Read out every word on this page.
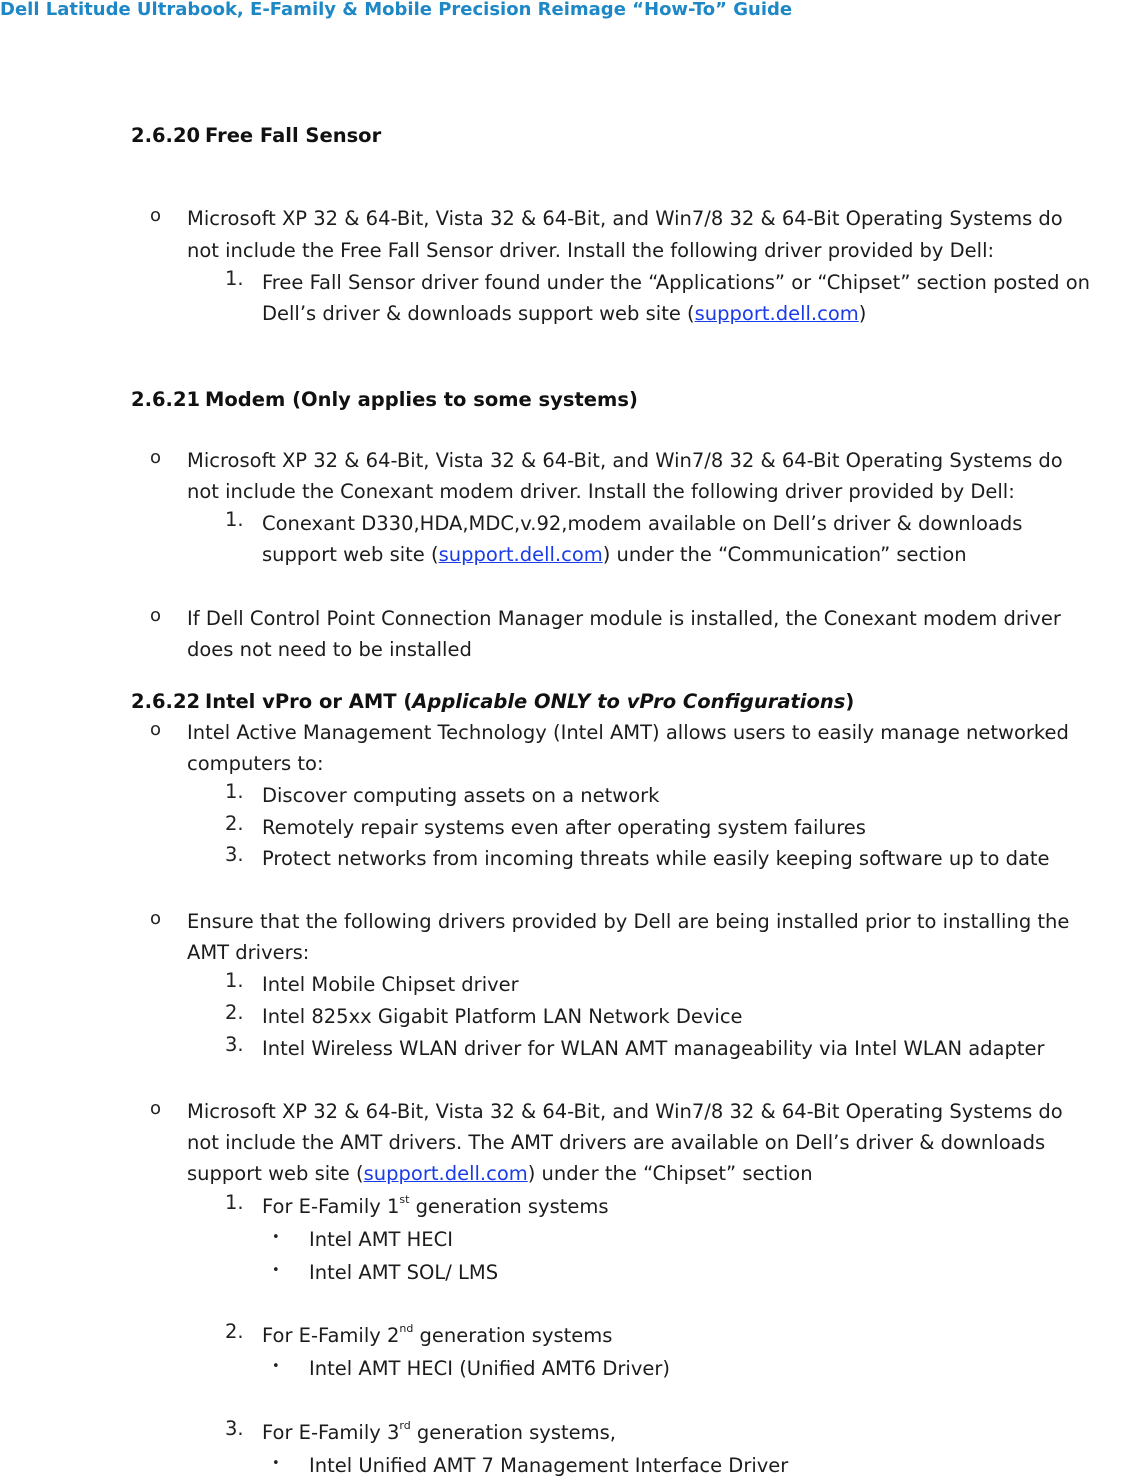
Dell Latitude Ultrabook, E-Family & Mobile Precision Reimage “How-To” Guide
2.6.20 Free Fall Sensor
o Microsoft XP 32 & 64-Bit, Vista 32 & 64-Bit, and Win7/8 32 & 64-Bit Operating Systems do
not include the Free Fall Sensor driver. Install the following driver provided by Dell:
1. Free Fall Sensor driver found under the “Applications” or “Chipset” section posted on
Dell’s driver & downloads support web site (support.dell.com)
2.6.21 Modem (Only applies to some systems)
o Microsoft XP 32 & 64-Bit, Vista 32 & 64-Bit, and Win7/8 32 & 64-Bit Operating Systems do
not include the Conexant modem driver. Install the following driver provided by Dell:
1. Conexant D330,HDA,MDC,v.92,modem available on Dell’s driver & downloads
support web site (support.dell.com) under the “Communication” section
o If Dell Control Point Connection Manager module is installed, the Conexant modem driver
does not need to be installed
2.6.22 Intel vPro or AMT (Applicable ONLY to vPro Configurations)
o Intel Active Management Technology (Intel AMT) allows users to easily manage networked
computers to:
1. Discover computing assets on a network
2. Remotely repair systems even after operating system failures
3. Protect networks from incoming threats while easily keeping software up to date
o Ensure that the following drivers provided by Dell are being installed prior to installing the
AMT drivers:
1. Intel Mobile Chipset driver
2. Intel 825xx Gigabit Platform LAN Network Device
3. Intel Wireless WLAN driver for WLAN AMT manageability via Intel WLAN adapter
o Microsoft XP 32 & 64-Bit, Vista 32 & 64-Bit, and Win7/8 32 & 64-Bit Operating Systems do
not include the AMT drivers. The AMT drivers are available on Dell’s driver & downloads
support web site (support.dell.com) under the “Chipset” section
1. For E-Family 1st generation systems
• Intel AMT HECI
• Intel AMT SOL/ LMS
2. For E-Family 2nd generation systems
• Intel AMT HECI (Unified AMT6 Driver)
3. For E-Family 3rd generation systems,
• Intel Unified AMT 7 Management Interface Driver
